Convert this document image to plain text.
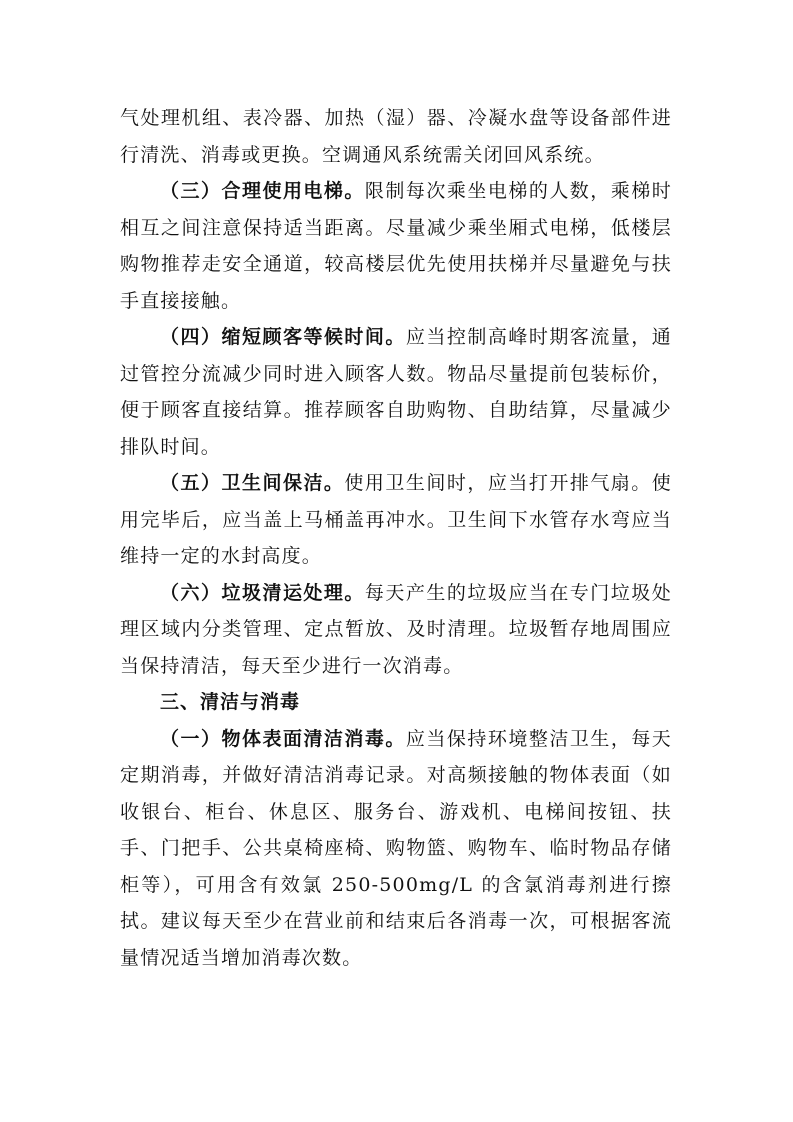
气处理机组、表冷器、加热（湿）器、冷凝水盘等设备部件进行清洗、消毒或更换。空调通风系统需关闭回风系统。

（三）合理使用电梯。限制每次乘坐电梯的人数，乘梯时相互之间注意保持适当距离。尽量减少乘坐厢式电梯，低楼层购物推荐走安全通道，较高楼层优先使用扶梯并尽量避免与扶手直接接触。

（四）缩短顾客等候时间。应当控制高峰时期客流量，通过管控分流减少同时进入顾客人数。物品尽量提前包装标价，便于顾客直接结算。推荐顾客自助购物、自助结算，尽量减少排队时间。

（五）卫生间保洁。使用卫生间时，应当打开排气扇。使用完毕后，应当盖上马桶盖再冲水。卫生间下水管存水弯应当维持一定的水封高度。

（六）垃圾清运处理。每天产生的垃圾应当在专门垃圾处理区域内分类管理、定点暂放、及时清理。垃圾暂存地周围应当保持清洁，每天至少进行一次消毒。

三、清洁与消毒

（一）物体表面清洁消毒。应当保持环境整洁卫生，每天定期消毒，并做好清洁消毒记录。对高频接触的物体表面（如收银台、柜台、休息区、服务台、游戏机、电梯间按钮、扶手、门把手、公共桌椅座椅、购物篮、购物车、临时物品存储柜等），可用含有效氯 250-500mg/L 的含氯消毒剂进行擦拭。建议每天至少在营业前和结束后各消毒一次，可根据客流量情况适当增加消毒次数。
